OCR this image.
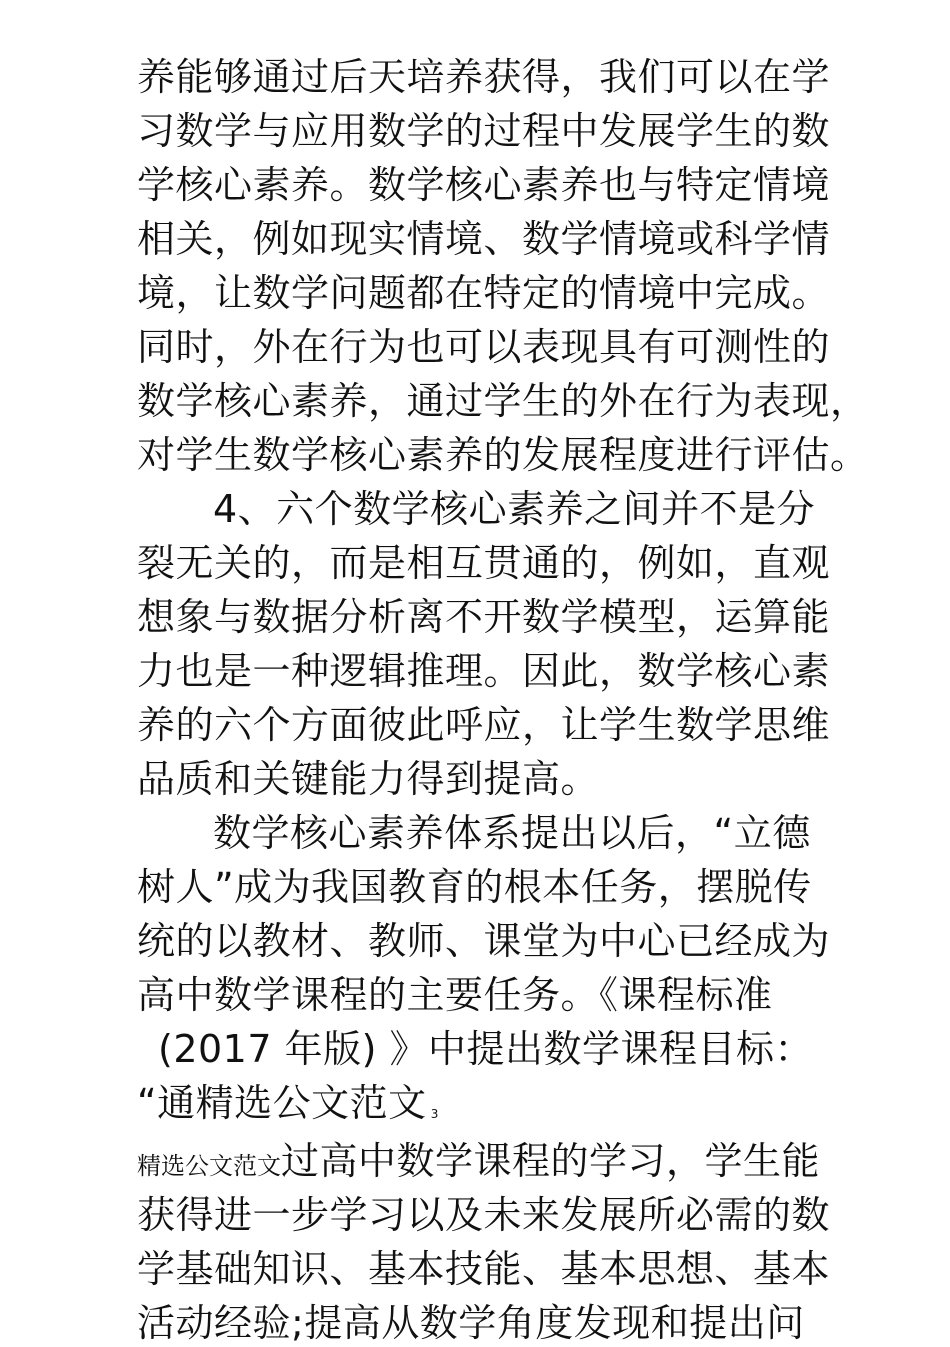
养能够通过后天培养获得，我们可以在学
习数学与应用数学的过程中发展学生的数
学核心素养。数学核心素养也与特定情境
相关，例如现实情境、数学情境或科学情
境，让数学问题都在特定的情境中完成。
同时，外在行为也可以表现具有可测性的
数学核心素养，通过学生的外在行为表现，
对学生数学核心素养的发展程度进行评估。
4、六个数学核心素养之间并不是分
裂无关的，而是相互贯通的，例如，直观
想象与数据分析离不开数学模型，运算能
力也是一种逻辑推理。因此，数学核心素
养的六个方面彼此呼应，让学生数学思维
品质和关键能力得到提高。
数学核心素养体系提出以后，“立德
树人”成为我国教育的根本任务，摆脱传
统的以教材、教师、课堂为中心已经成为
高中数学课程的主要任务。《课程标准
(2017 年版) 》中提出数学课程目标：
“通精选公文范文 3
精选公文范文过高中数学课程的学习，学生能
获得进一步学习以及未来发展所必需的数
学基础知识、基本技能、基本思想、基本
活动经验;提高从数学角度发现和提出问
